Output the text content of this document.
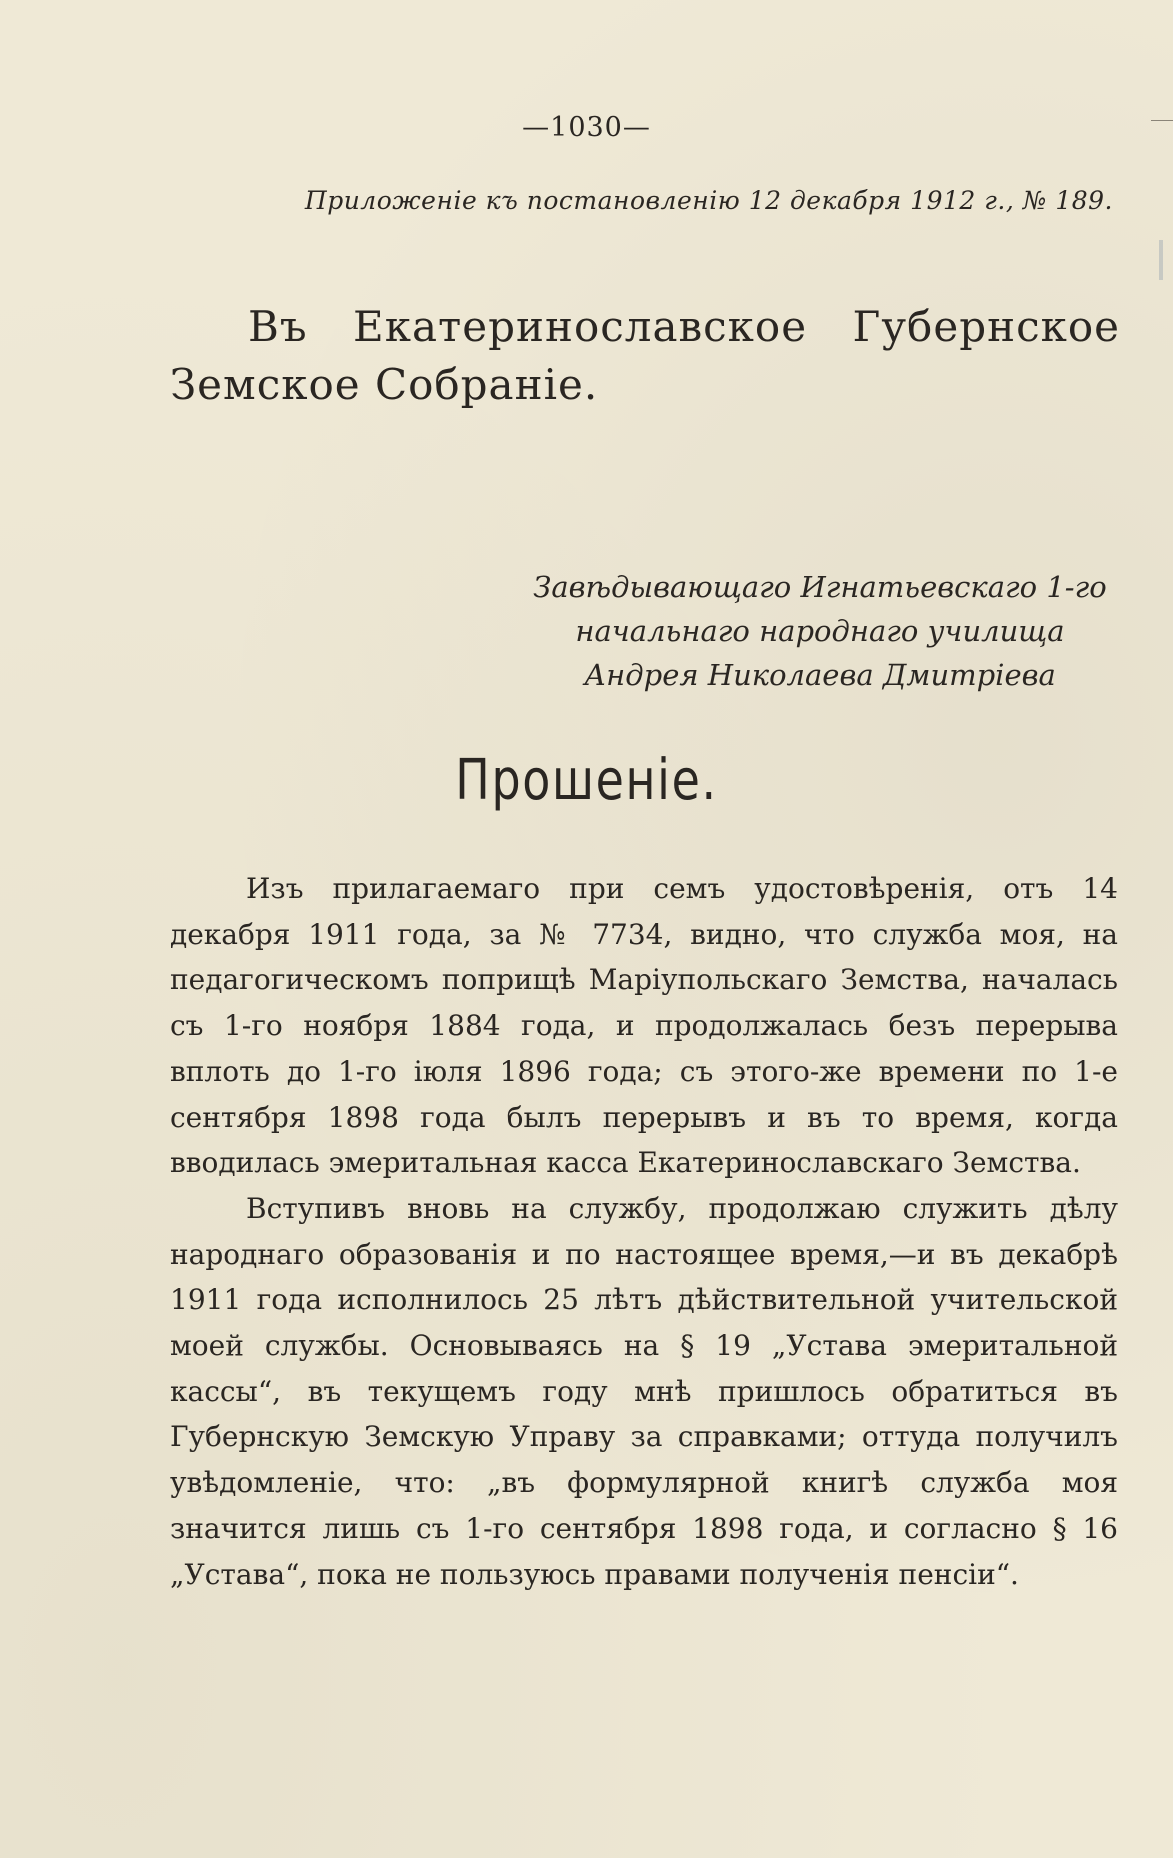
—1030—
Приложеніе къ постановленію 12 декабря 1912 г., № 189.
Въ Екатеринославское Губернское Земское Собраніе.
Завѣдывающаго Игнатьевскаго 1-го начальнаго народнаго училища Андрея Николаева Дмитріева
Прошеніе.

Изъ прилагаемаго при семъ удостовѣренія, отъ 14 декабря 1911 года, за № 7734, видно, что служба моя, на педагогическомъ поприщѣ Маріупольскаго Земства, началась съ 1-го ноября 1884 года, и продолжалась безъ перерыва вплоть до 1-го іюля 1896 года; съ этого-же времени по 1-е сентября 1898 года былъ перерывъ и въ то время, когда вводилась эмеритальная касса Екатеринославскаго Земства.

Вступивъ вновь на службу, продолжаю служить дѣлу народнаго образованія и по настоящее время,—и въ декабрѣ 1911 года исполнилось 25 лѣтъ дѣйствительной учительской моей службы. Основываясь на § 19 „Устава эмеритальной кассы“, въ текущемъ году мнѣ пришлось обратиться въ Губернскую Земскую Управу за справками; оттуда получилъ увѣдомленіе, что: „въ формулярной книгѣ служба моя значится лишь съ 1-го сентября 1898 года, и согласно § 16 „Устава“, пока не пользуюсь правами полученія пенсіи“.
